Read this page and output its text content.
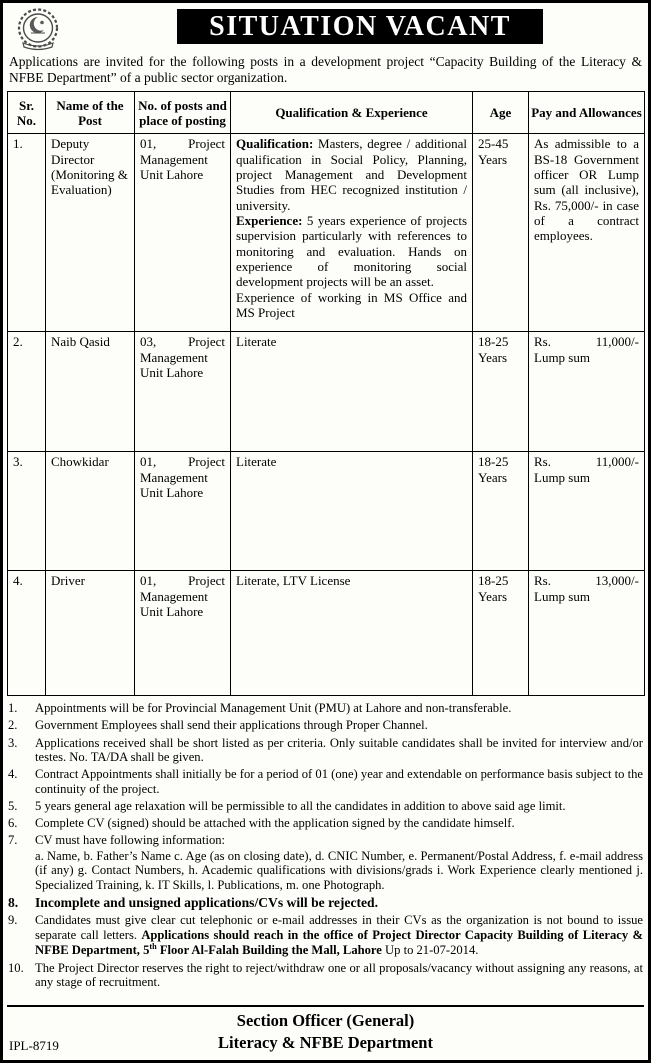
SITUATION VACANT

Applications are invited for the following posts in a development project “Capacity Building of the Literacy & NFBE Department” of a public sector organization.

Sr. No.	Name of the Post	No. of posts and place of posting	Qualification & Experience	Age	Pay and Allowances
1.	Deputy Director (Monitoring & Evaluation)	01, Project Management Unit Lahore	Qualification: Masters, degree / additional qualification in Social Policy, Planning, project Management and Development Studies from HEC recognized institution / university.
Experience: 5 years experience of projects supervision particularly with references to monitoring and evaluation. Hands on experience of monitoring social development projects will be an asset.
Experience of working in MS Office and MS Project	25-45 Years	As admissible to a BS-18 Government officer OR Lump sum (all inclusive), Rs. 75,000/- in case of a contract employees.
2.	Naib Qasid	03, Project Management Unit Lahore	Literate	18-25 Years	Rs. 11,000/-
Lump sum

3.	Chowkidar	01, Project Management Unit Lahore	Literate	18-25 Years	Rs. 11,000/-
Lump sum

4.	Driver	01, Project Management Unit Lahore	Literate, LTV License	18-25 Years	Rs. 13,000/-
Lump sum
1.	Appointments will be for Provincial Management Unit (PMU) at Lahore and non-transferable.
2.	Government Employees shall send their applications through Proper Channel.
3.	Applications received shall be short listed as per criteria. Only suitable candidates shall be invited for interview and/or testes. No. TA/DA shall be given.
4.	Contract Appointments shall initially be for a period of 01 (one) year and extendable on performance basis subject to the continuity of the project.
5.	5 years general age relaxation will be permissible to all the candidates in addition to above said age limit.
6.	Complete CV (signed) should be attached with the application signed by the candidate himself.
7.	CV must have following information:
a. Name, b. Father’s Name c. Age (as on closing date), d. CNIC Number, e. Permanent/Postal Address, f. e-mail address (if any) g. Contact Numbers, h. Academic qualifications with divisions/grads i. Work Experience clearly mentioned j. Specialized Training, k. IT Skills, l. Publications, m. one Photograph.
8.	Incomplete and unsigned applications/CVs will be rejected.
9.	Candidates must give clear cut telephonic or e-mail addresses in their CVs as the organization is not bound to issue separate call letters. Applications should reach in the office of Project Director Capacity Building of Literacy & NFBE Department, 5th Floor Al-Falah Building the Mall, Lahore Up to 21-07-2014.
10. The Project Director reserves the right to reject/withdraw one or all proposals/vacancy without assigning any reasons, at any stage of recruitment.
Section Officer (General)
Literacy & NFBE Department
IPL-8719
